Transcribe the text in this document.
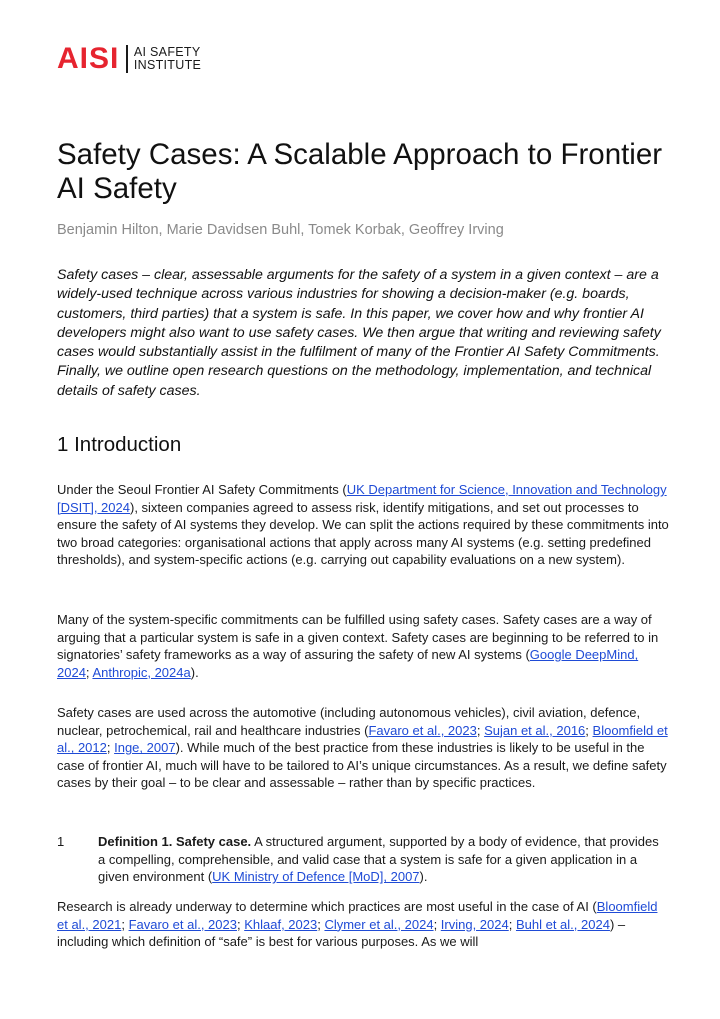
AISI AI SAFETY
INSTITUTE
Safety Cases: A Scalable Approach to Frontier AI Safety

Benjamin Hilton, Marie Davidsen Buhl, Tomek Korbak, Geoffrey Irving

Safety cases – clear, assessable arguments for the safety of a system in a given context – are a widely-used technique across various industries for showing a decision-maker (e.g. boards, customers, third parties) that a system is safe. In this paper, we cover how and why frontier AI developers might also want to use safety cases. We then argue that writing and reviewing safety cases would substantially assist in the fulfilment of many of the Frontier AI Safety Commitments. Finally, we outline open research questions on the methodology, implementation, and technical details of safety cases.

1 Introduction

Under the Seoul Frontier AI Safety Commitments (UK Department for Science, Innovation and Technology [DSIT], 2024), sixteen companies agreed to assess risk, identify mitigations, and set out processes to ensure the safety of AI systems they develop. We can split the actions required by these commitments into two broad categories: organisational actions that apply across many AI systems (e.g. setting predefined thresholds), and system-specific actions (e.g. carrying out capability evaluations on a new system).

Many of the system-specific commitments can be fulfilled using safety cases. Safety cases are a way of arguing that a particular system is safe in a given context. Safety cases are beginning to be referred to in signatories’ safety frameworks as a way of assuring the safety of new AI systems (Google DeepMind, 2024; Anthropic, 2024a).

Safety cases are used across the automotive (including autonomous vehicles), civil aviation, defence, nuclear, petrochemical, rail and healthcare industries (Favaro et al., 2023; Sujan et al., 2016; Bloomfield et al., 2012; Inge, 2007). While much of the best practice from these industries is likely to be useful in the case of frontier AI, much will have to be tailored to AI’s unique circumstances. As a result, we define safety cases by their goal – to be clear and assessable – rather than by specific practices.

1	Definition 1. Safety case. A structured argument, supported by a body of evidence, that provides a compelling, comprehensible, and valid case that a system is safe for a given application in a given environment (UK Ministry of Defence [MoD], 2007).

Research is already underway to determine which practices are most useful in the case of AI (Bloomfield et al., 2021; Favaro et al., 2023; Khlaaf, 2023; Clymer et al., 2024; Irving, 2024; Buhl et al., 2024) – including which definition of “safe” is best for various purposes. As we will
